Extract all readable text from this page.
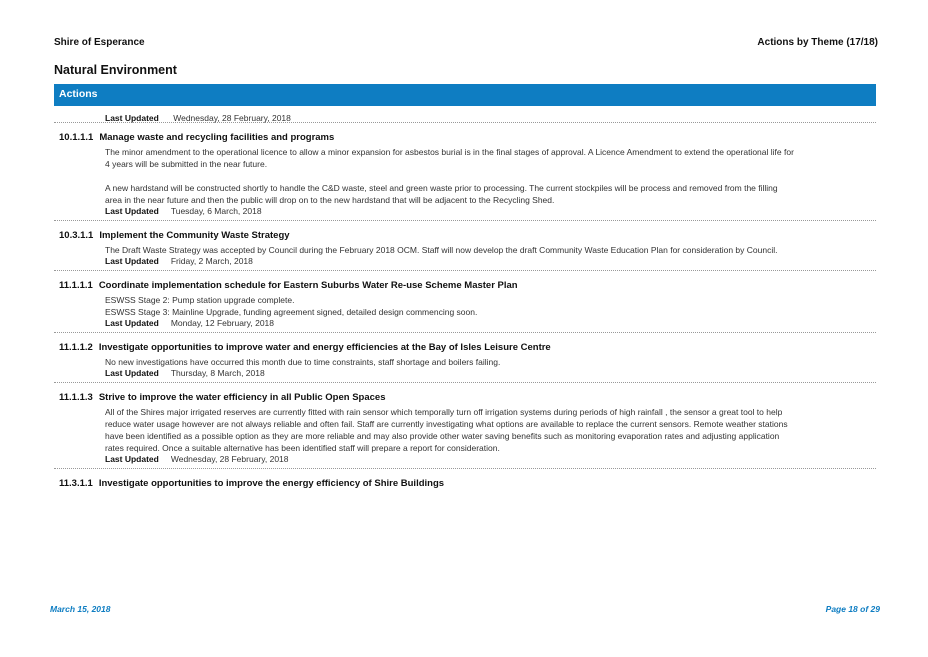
Shire of Esperance	Actions by Theme (17/18)
Natural Environment
Actions
Last Updated Wednesday, 28 February, 2018
10.1.1.1 Manage waste and recycling facilities and programs
The minor amendment to the operational licence to allow a minor expansion for asbestos burial is in the final stages of approval. A Licence Amendment to extend the operational life for 4 years will be submitted in the near future.
A new hardstand will be constructed shortly to handle the C&D waste, steel and green waste prior to processing. The current stockpiles will be process and removed from the filling area in the near future and then the public will drop on to the new hardstand that will be adjacent to the Recycling Shed.
Last Updated Tuesday, 6 March, 2018
10.3.1.1 Implement the Community Waste Strategy
The Draft Waste Strategy was accepted by Council during the February 2018 OCM. Staff will now develop the draft Community Waste Education Plan for consideration by Council.
Last Updated Friday, 2 March, 2018
11.1.1.1 Coordinate implementation schedule for Eastern Suburbs Water Re-use Scheme Master Plan
ESWSS Stage 2: Pump station upgrade complete.
ESWSS Stage 3: Mainline Upgrade, funding agreement signed, detailed design commencing soon.
Last Updated Monday, 12 February, 2018
11.1.1.2 Investigate opportunities to improve water and energy efficiencies at the Bay of Isles Leisure Centre
No new investigations have occurred this month due to time constraints, staff shortage and boilers failing.
Last Updated Thursday, 8 March, 2018
11.1.1.3 Strive to improve the water efficiency in all Public Open Spaces
All of the Shires major irrigated reserves are currently fitted with rain sensor which temporally turn off irrigation systems during periods of high rainfall , the sensor a great tool to help reduce water usage however are not always reliable and often fail. Staff are currently investigating what options are available to replace the current sensors. Remote weather stations have been identified as a possible option as they are more reliable and may also provide other water saving benefits such as monitoring evaporation rates and adjusting application rates required. Once a suitable alternative has been identified staff will prepare a report for consideration.
Last Updated Wednesday, 28 February, 2018
11.3.1.1 Investigate opportunities to improve the energy efficiency of Shire Buildings
March 15, 2018	Page 18 of 29
